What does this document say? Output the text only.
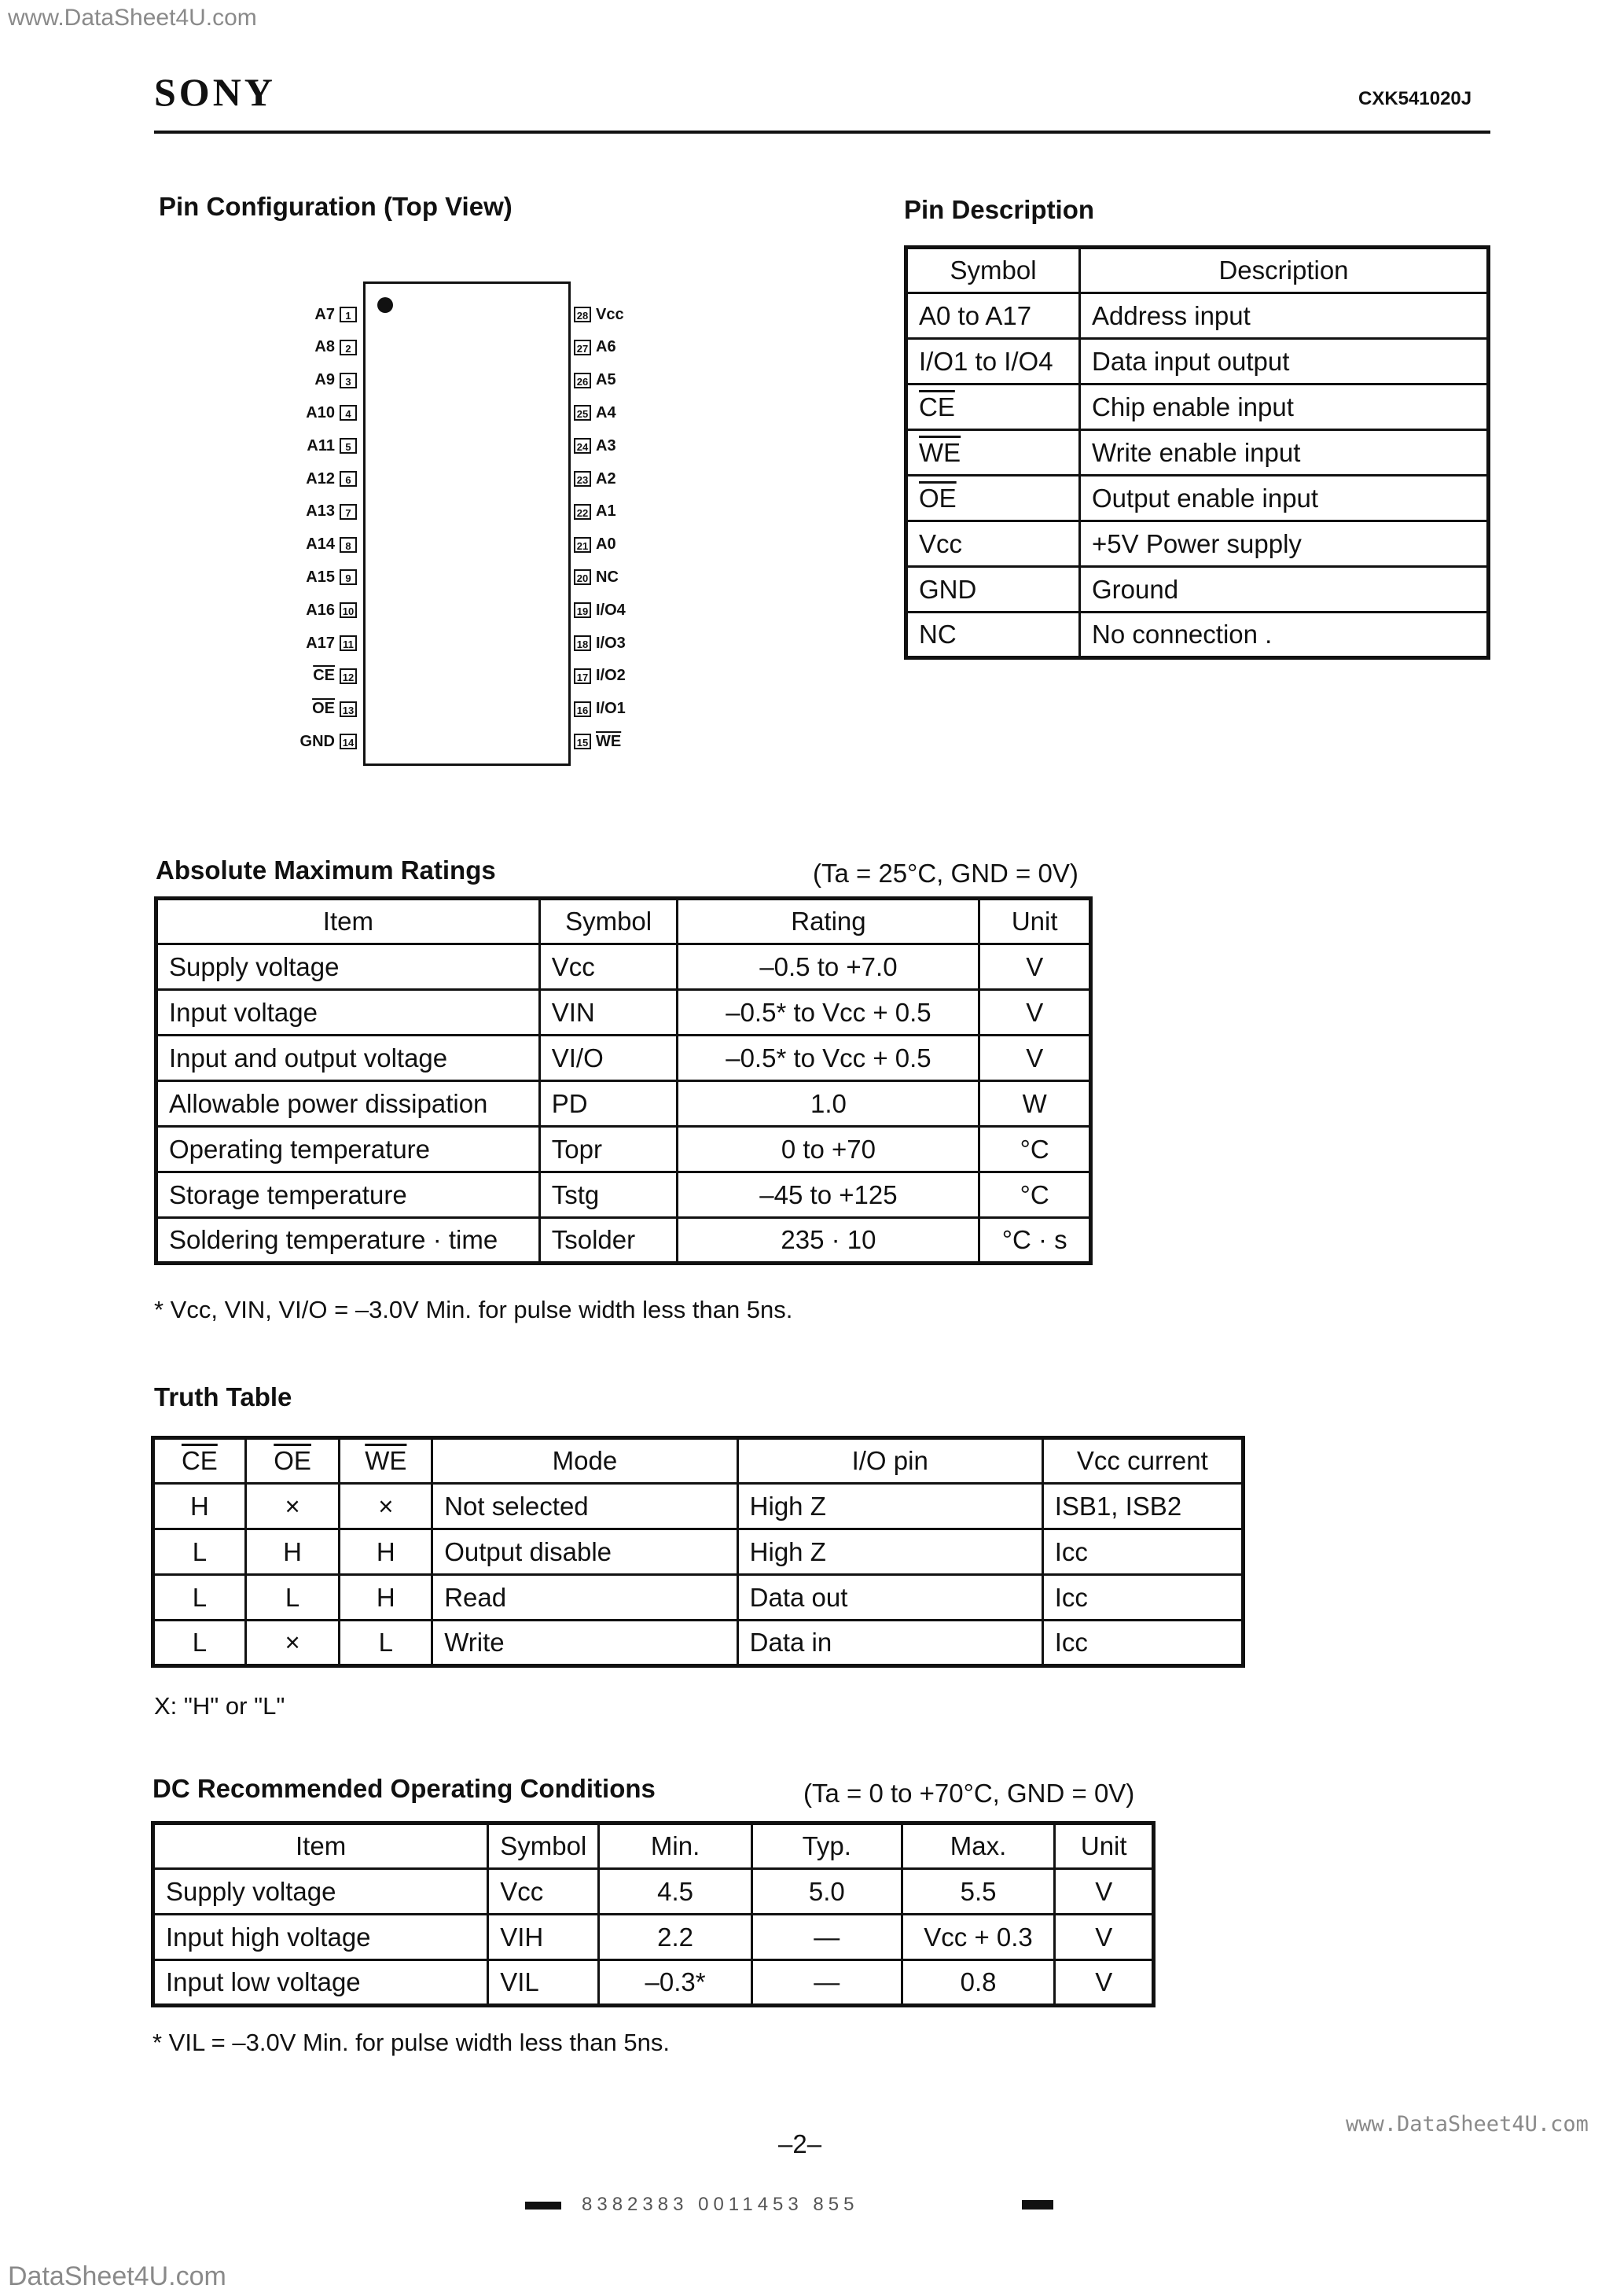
www.DataSheet4U.com
SONY	CXK541020J
Pin Configuration (Top View)
A7	1
A8	2
A9	3
A10	4
A11	5
A12	6
A13	7
A14	8
A15	9
A16 10
A17 11
$\overline{CE}$ 12
$\overline{OE}$ 13
GND 14
28 Vcc
27 A6
26 A5
25 A4
24 A3
23 A2
22 A1
21 A0
20 NC
19 I/O4
18 I/O3
17 I/O2
16 I/O1
15 $\overline{WE}$
Pin Description
Symbol	Description
A0 to A17	Address input
I/O1 to I/O4	Data input output
$\overline{CE}$	Chip enable input
$\overline{WE}$	Write enable input
$\overline{OE}$	Output enable input
Vcc	+5V Power supply
GND	Ground
NC	No connection .
Absolute Maximum Ratings	(Ta = 25°C, GND = 0V)
Item	Symbol	Rating	Unit
Supply voltage	Vcc	–0.5 to +7.0	V
Input voltage	VIN	–0.5* to Vcc + 0.5	V
Input and output voltage	VI/O	–0.5* to Vcc + 0.5	V
Allowable power dissipation	PD	1.0	W
Operating temperature	Topr	0 to +70	°C
Storage temperature	Tstg	–45 to +125	°C
Soldering temperature · time	Tsolder	235 · 10	°C · s
* Vcc, VIN, VI/O = –3.0V Min. for pulse width less than 5ns.
Truth Table
$\overline{CE}$	$\overline{OE}$	$\overline{WE}$	Mode	I/O pin	Vcc current
H	×	×	Not selected	High Z	ISB1, ISB2
L	H	H	Output disable	High Z	Icc
L	L	H	Read	Data out	Icc
L	×	L	Write	Data in	Icc
X: "H" or "L"
DC Recommended Operating Conditions	(Ta = 0 to +70°C, GND = 0V)
Item	Symbol	Min.	Typ.	Max.	Unit
Supply voltage	Vcc	4.5	5.0	5.5	V
Input high voltage	VIH	2.2	—	Vcc + 0.3	V
Input low voltage	VIL	–0.3*	—	0.8	V
* VIL = –3.0V Min. for pulse width less than 5ns.
–2–
8382383 0011453 855
www.DataSheet4U.com
DataSheet4U.com
